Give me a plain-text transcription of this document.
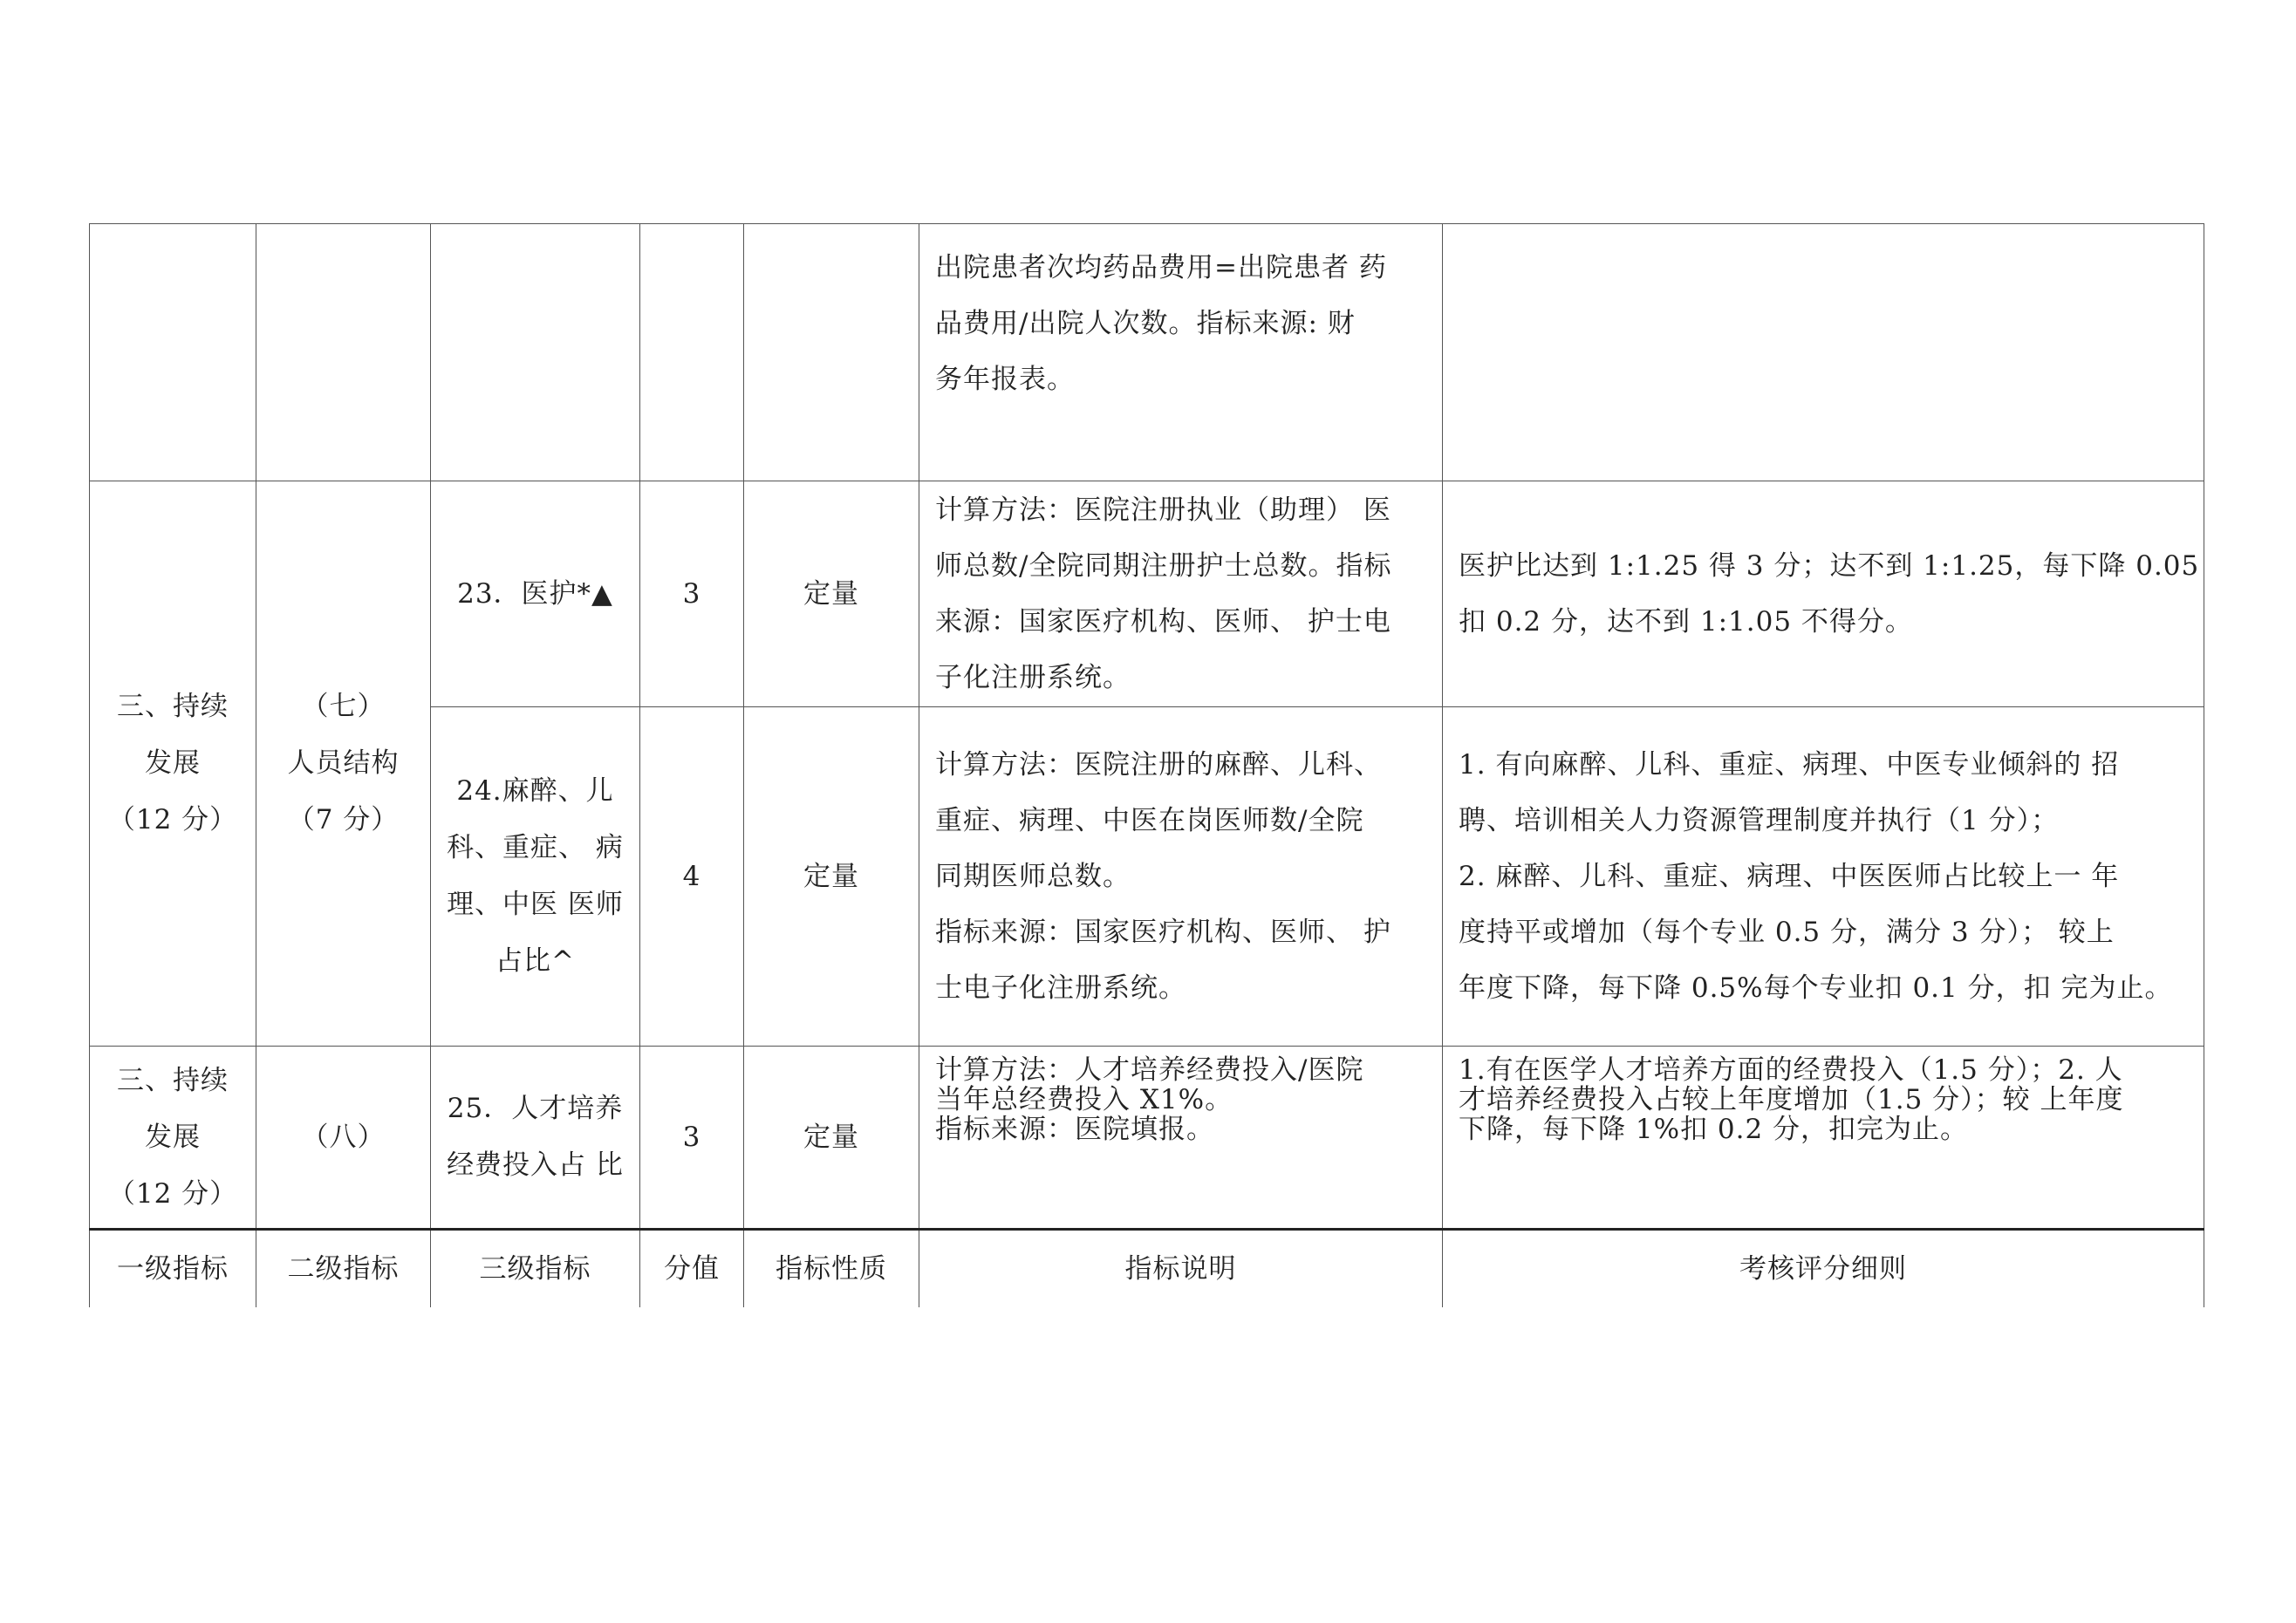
					出院患者次均药品费用=出院患者 药
品费用/出院人次数。指标来源: 财
务年报表。	
三、持续
发展
（12 分）	（七）
人员结构
（7 分）	23．医护*▲	3	定量	计算方法：医院注册执业（助理） 医
师总数/全院同期注册护士总数。指标
来源：国家医疗机构、医师、 护士电
子化注册系统。	医护比达到 1:1.25 得 3 分；达不到 1:1.25，每下降 0.05
扣 0.2 分，达不到 1:1.05 不得分。
		24.麻醉、儿
科、重症、 病
理、中医 医师
占比^	4	定量	计算方法：医院注册的麻醉、儿科、
重症、病理、中医在岗医师数/全院
同期医师总数。
指标来源：国家医疗机构、医师、 护
士电子化注册系统。	1. 有向麻醉、儿科、重症、病理、中医专业倾斜的 招
聘、培训相关人力资源管理制度并执行（1 分）；
2. 麻醉、儿科、重症、病理、中医医师占比较上一 年
度持平或增加（每个专业 0.5 分，满分 3 分）； 较上
年度下降，每下降 0.5%每个专业扣 0.1 分，扣 完为止。
三、持续
发展
（12 分）	（八）	25．人才培养
经费投入占 比	3	定量	计算方法：人才培养经费投入/医院
当年总经费投入 X1%。
指标来源：医院填报。	1.有在医学人才培养方面的经费投入（1.5 分）；2. 人
才培养经费投入占较上年度增加（1.5 分）；较 上年度
下降，每下降 1%扣 0.2 分，扣完为止。
一级指标	二级指标	三级指标	分值	指标性质	指标说明	考核评分细则
